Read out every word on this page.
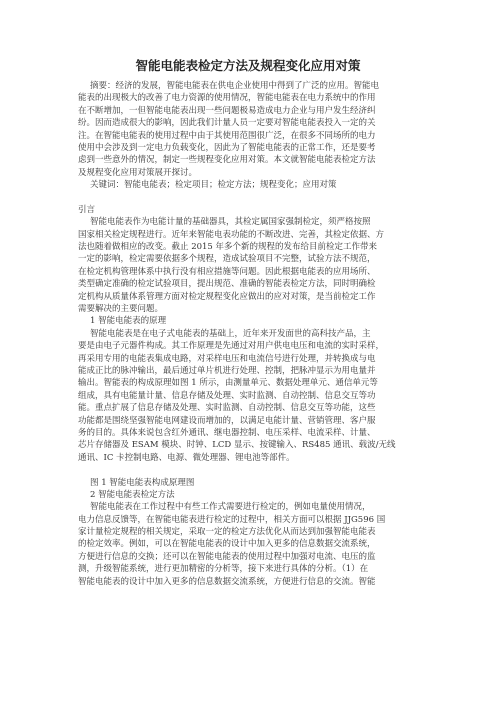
智能电能表检定方法及规程变化应用对策
摘要：经济的发展，智能电能表在供电企业使用中得到了广泛的应用。智能电
能表的出现极大的改善了电力资源的使用情况，智能电能表在电力系统中的作用
在不断增加，一但智能电能表出现一些问题极易造成电力企业与用户发生经济纠
纷。因而造成很大的影响，因此我们计量人员一定要对智能电能表投入一定的关
注。在智能电能表的使用过程中由于其使用范围很广泛，在很多不同场所的电力
使用中会涉及到一定电力负载变化，因此为了智能电能表的正常工作，还是要考
虑到一些意外的情况，制定一些规程变化应用对策。本文就智能电能表检定方法
及规程变化应用对策展开探讨。
关键词：智能电能表；检定项目；检定方法；规程变化；应用对策
引言
智能电能表作为电能计量的基础器具，其检定属国家强制检定，须严格按照
国家相关检定规程进行。近年来智能电表功能的不断改进、完善，其检定依据、方
法也随着做相应的改变。截止 2015 年多个新的规程的发布给目前检定工作带来
一定的影响，检定需要依据多个规程，造成试验项目不完整，试验方法不规范，
在检定机构管理体系中执行没有相应措施等问题。因此根据电能表的应用场所、
类型确定准确的检定试验项目，提出规范、准确的智能表检定方法，同时明确检
定机构从质量体系管理方面对检定规程变化应做出的应对对策，是当前检定工作
需要解决的主要问题。
1 智能电能表的原理
智能电能表是在电子式电能表的基础上，近年来开发面世的高科技产品，主
要是由电子元器件构成。其工作原理是先通过对用户供电电压和电流的实时采样，
再采用专用的电能表集成电路，对采样电压和电流信号进行处理，并转换成与电
能成正比的脉冲输出，最后通过单片机进行处理、控制，把脉冲显示为用电量并
输出。智能表的构成原理如图 1 所示，由测量单元、数据处理单元、通信单元等
组成，具有电能量计量、信息存储及处理、实时监测、自动控制、信息交互等功
能。重点扩展了信息存储及处理、实时监测、自动控制、信息交互等功能，这些
功能都是围绕坚强智能电网建设而增加的，以满足电能计量、营销管理、客户服
务的目的。具体来说包含红外通讯、继电器控制、电压采样、电流采样、计量、
芯片存储器及 ESAM 模块、时钟、LCD 显示、按键输入、RS485 通讯、载波/无线
通讯、IC 卡控制电路、电源、微处理器、锂电池等部件。
图 1 智能电能表构成原理图
2 智能电能表检定方法
智能电能表在工作过程中有些工作式需要进行检定的，例如电量使用情况，
电力信息反馈等，在智能电能表进行检定的过程中，相关方面可以根据 JJG596 国
家计量检定规程的相关规定，采取一定的检定方法优化从而达到加强智能电能表
的检定效率。例如，可以在智能电能表的设计中加入更多的信息数据交流系统，
方便进行信息的交换；还可以在智能电能表的使用过程中加强对电流、电压的监
测，升级智能系统，进行更加精密的分析等，接下来进行具体的分析。（1）在
智能电能表的设计中加入更多的信息数据交流系统，方便进行信息的交流。智能
